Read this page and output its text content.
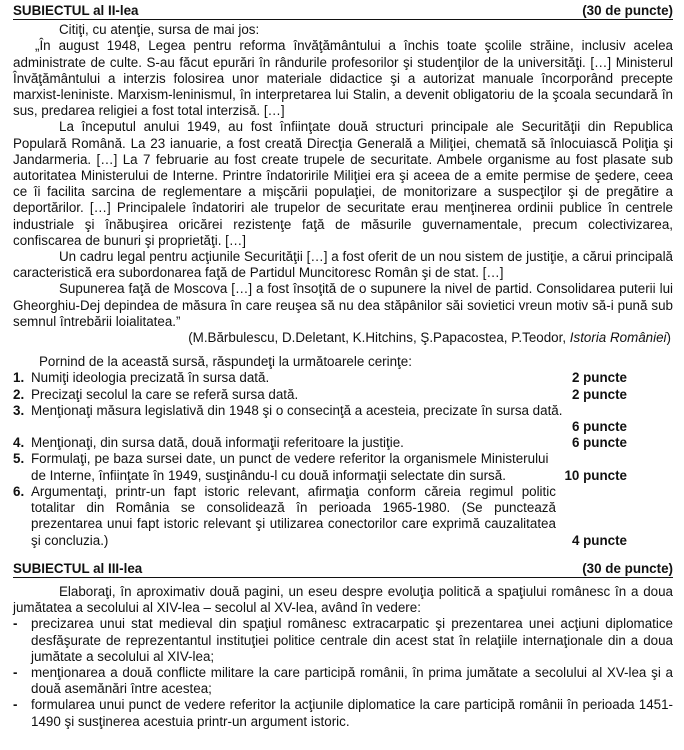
SUBIECTUL al II-lea	(30 de puncte)

Citiţi, cu atenţie, sursa de mai jos:

„În august 1948, Legea pentru reforma învăţământului a închis toate şcolile străine, inclusiv acelea administrate de culte. S-au făcut epurări în rândurile profesorilor şi studenţilor de la universităţi. […] Ministerul Învăţământului a interzis folosirea unor materiale didactice şi a autorizat manuale încorporând precepte marxist-leniniste. Marxism-leninismul, în interpretarea lui Stalin, a devenit obligatoriu de la şcoala secundară în sus, predarea religiei a fost total interzisă. […]

La începutul anului 1949, au fost înfiinţate două structuri principale ale Securităţii din Republica Populară Română. La 23 ianuarie, a fost creată Direcţia Generală a Miliţiei, chemată să înlocuiască Poliţia şi Jandarmeria. […] La 7 februarie au fost create trupele de securitate. Ambele organisme au fost plasate sub autoritatea Ministerului de Interne. Printre îndatoririle Miliţiei era şi aceea de a emite permise de şedere, ceea ce îi facilita sarcina de reglementare a mişcării populaţiei, de monitorizare a suspecţilor şi de pregătire a deportărilor. […] Principalele îndatoriri ale trupelor de securitate erau menţinerea ordinii publice în centrele industriale şi înăbuşirea oricărei rezistenţe faţă de măsurile guvernamentale, precum colectivizarea, confiscarea de bunuri şi proprietăţi. […]

Un cadru legal pentru acţiunile Securităţii […] a fost oferit de un nou sistem de justiţie, a cărui principală caracteristică era subordonarea faţă de Partidul Muncitoresc Român şi de stat. […]

Supunerea faţă de Moscova […] a fost însoţită de o supunere la nivel de partid. Consolidarea puterii lui Gheorghiu-Dej depindea de măsura în care reuşea să nu dea stăpânilor săi sovietici vreun motiv să-i pună sub semnul întrebării loialitatea.”

(M.Bărbulescu, D.Deletant, K.Hitchins, Ş.Papacostea, P.Teodor, Istoria României)

Pornind de la această sursă, răspundeţi la următoarele cerinţe:

1. Numiţi ideologia precizată în sursa dată.	2 puncte
2. Precizaţi secolul la care se referă sursa dată.	2 puncte
3. Menţionaţi măsura legislativă din 1948 şi o consecinţă a acesteia, precizate în sursa dată.
6 puncte
4. Menţionaţi, din sursa dată, două informaţii referitoare la justiţie.	6 puncte
5. Formulaţi, pe baza sursei date, un punct de vedere referitor la organismele Ministerului de Interne, înfiinţate în 1949, susţinându-l cu două informaţii selectate din sursă.	10 puncte
6. Argumentaţi, printr-un fapt istoric relevant, afirmaţia conform căreia regimul politic totalitar din România se consolidează în perioada 1965-1980. (Se punctează prezentarea unui fapt istoric relevant şi utilizarea conectorilor care exprimă cauzalitatea şi concluzia.)	4 puncte
SUBIECTUL al III-lea	(30 de puncte)

Elaboraţi, în aproximativ două pagini, un eseu despre evoluţia politică a spaţiului românesc în a doua jumătatea a secolului al XIV-lea – secolul al XV-lea, având în vedere:

- precizarea unui stat medieval din spaţiul românesc extracarpatic şi prezentarea unei acţiuni diplomatice desfăşurate de reprezentantul instituţiei politice centrale din acest stat în relaţiile internaţionale din a doua jumătate a secolului al XIV-lea;
- menţionarea a două conflicte militare la care participă românii, în prima jumătate a secolului al XV-lea şi a două asemănări între acestea;
- formularea unui punct de vedere referitor la acţiunile diplomatice la care participă românii în perioada 1451-1490 şi susţinerea acestuia printr-un argument istoric.
